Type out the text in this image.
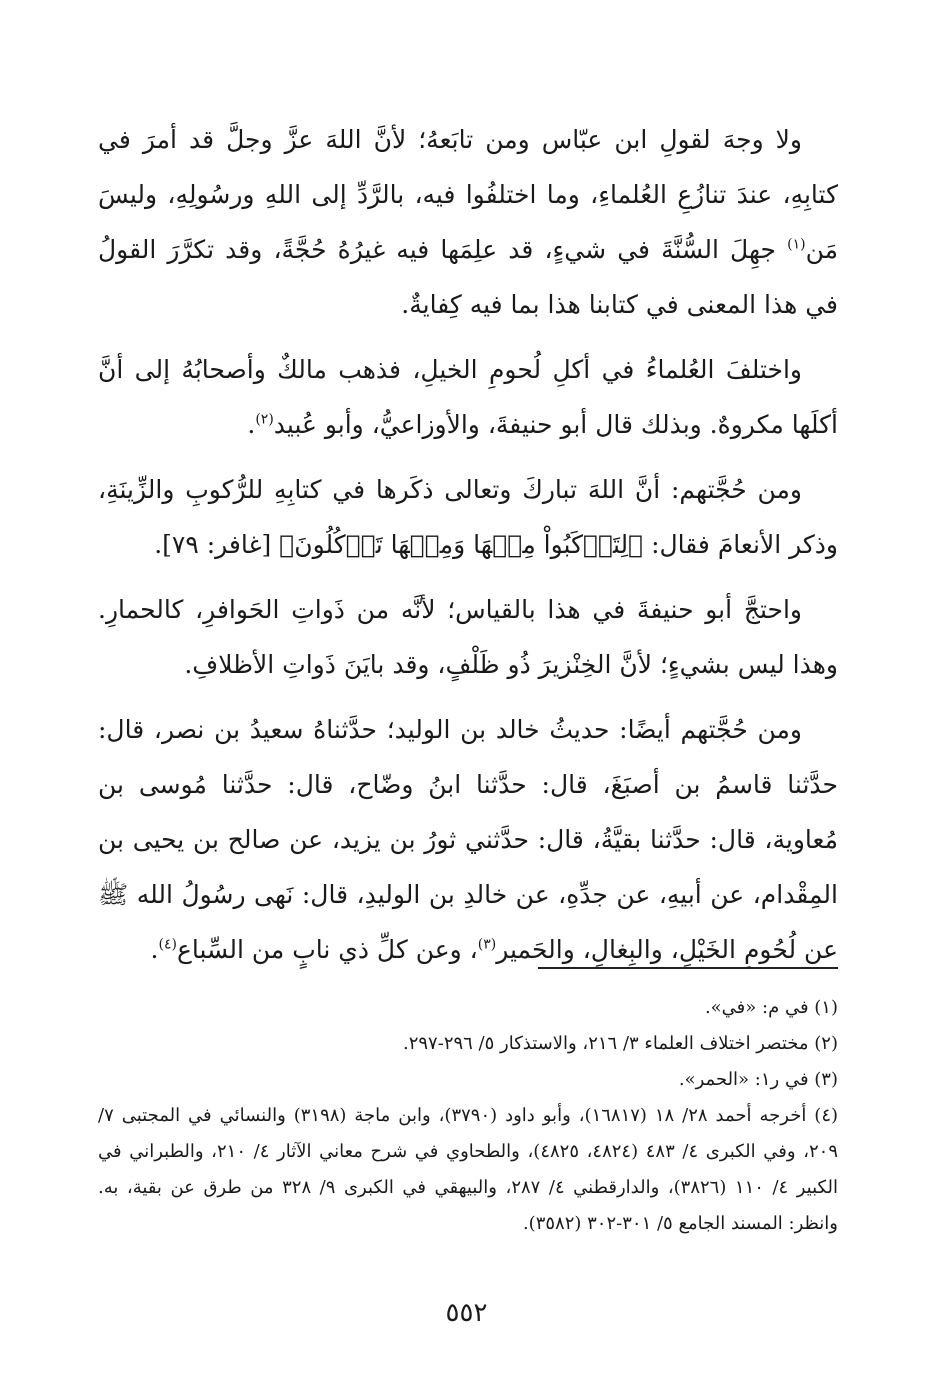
ولا وجهَ لقولِ ابن عبّاس ومن تابَعهُ؛ لأنَّ اللهَ عزَّ وجلَّ قد أمرَ في كتابِهِ، عندَ تنازُعِ العُلماءِ، وما اختلفُوا فيه، بالرَّدِّ إلى اللهِ ورسُولِهِ، وليسَ مَن$^{(١)}$ جهِلَ السُّنَّةَ في شيءٍ، قد علِمَها فيه غيرُهُ حُجَّةً، وقد تكرَّرَ القولُ في هذا المعنى في كتابنا هذا بما فيه كِفايةٌ.

واختلفَ العُلماءُ في أكلِ لُحومِ الخيلِ، فذهب مالكٌ وأصحابُهُ إلى أنَّ أكلَها مكروهٌ. وبذلك قال أبو حنيفةَ، والأوزاعيُّ، وأبو عُبيد$^{(٢)}$.

ومن حُجَّتهم: أنَّ اللهَ تباركَ وتعالى ذكَرها في كتابِهِ للرُّكوبِ والزِّينَةِ، وذكر الأنعامَ فقال: ﴿لِتَرۡكَبُواْ مِنۡهَا وَمِنۡهَا تَأۡكُلُونَ﴾ [غافر: ٧٩].

واحتجَّ أبو حنيفةَ في هذا بالقياس؛ لأنَّه من ذَواتِ الحَوافرِ، كالحمارِ. وهذا ليس بشيءٍ؛ لأنَّ الخِنْزيرَ ذُو ظَلْفٍ، وقد بايَنَ ذَواتِ الأظلافِ.

ومن حُجَّتهم أيضًا: حديثُ خالد بن الوليد؛ حدَّثناهُ سعيدُ بن نصر، قال: حدَّثنا قاسمُ بن أصبَغَ، قال: حدَّثنا ابنُ وضّاح، قال: حدَّثنا مُوسى بن مُعاوية، قال: حدَّثنا بقيَّةُ، قال: حدَّثني ثورُ بن يزيد، عن صالح بن يحيى بن المِقْدام، عن أبيهِ، عن جدِّهِ، عن خالدِ بن الوليدِ، قال: نَهى رسُولُ الله ﷺ عن لُحُومِ الخَيْلِ، والبِغالِ، والحَمير$^{(٣)}$، وعن كلِّ ذي نابٍ من السِّباع$^{(٤)}$.

(١) في م: «في».

(٢) مختصر اختلاف العلماء ٣/ ٢١٦، والاستذكار ٥/ ٢٩٦-٢٩٧.

(٣) في ر١: «الحمر».

(٤) أخرجه أحمد ٢٨/ ١٨ (١٦٨١٧)، وأبو داود (٣٧٩٠)، وابن ماجة (٣١٩٨) والنسائي في المجتبى ٧/ ٢٠٩، وفي الكبرى ٤/ ٤٨٣ (٤٨٢٤، ٤٨٢٥)، والطحاوي في شرح معاني الآثار ٤/ ٢١٠، والطبراني في الكبير ٤/ ١١٠ (٣٨٢٦)، والدارقطني ٤/ ٢٨٧، والبيهقي في الكبرى ٩/ ٣٢٨ من طرق عن بقية، به. وانظر: المسند الجامع ٥/ ٣٠١-٣٠٢ (٣٥٨٢).

٥٥٢
